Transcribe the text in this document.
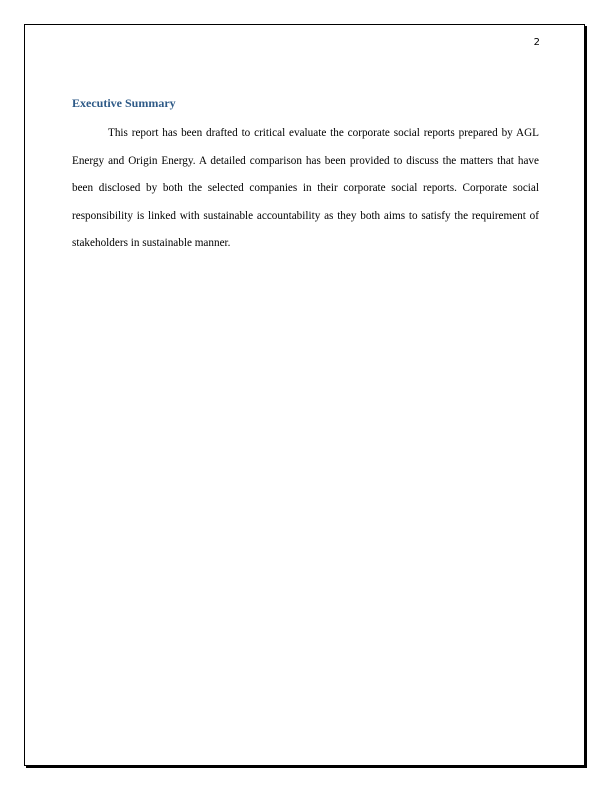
2
Executive Summary

This report has been drafted to critical evaluate the corporate social reports prepared by AGL Energy and Origin Energy. A detailed comparison has been provided to discuss the matters that have been disclosed by both the selected companies in their corporate social reports. Corporate social responsibility is linked with sustainable accountability as they both aims to satisfy the requirement of stakeholders in sustainable manner.
